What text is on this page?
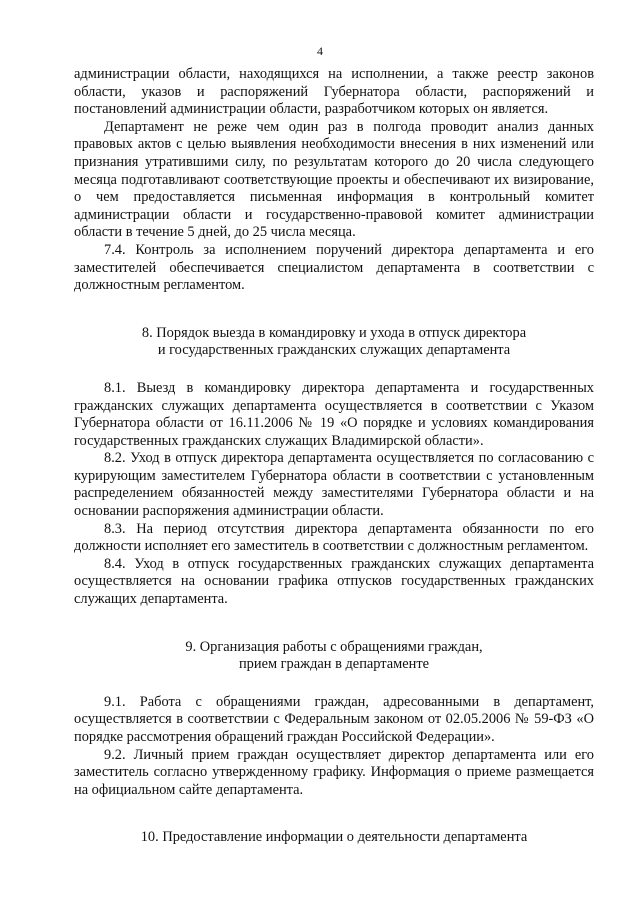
4

администрации области, находящихся на исполнении, а также реестр законов области, указов и распоряжений Губернатора области, распоряжений и постановлений администрации области, разработчиком которых он является.

Департамент не реже чем один раз в полгода проводит анализ данных правовых актов с целью выявления необходимости внесения в них изменений или признания утратившими силу, по результатам которого до 20 числа следующего месяца подготавливают соответствующие проекты и обеспечивают их визирование, о чем предоставляется письменная информация в контрольный комитет администрации области и государственно-правовой комитет администрации области в течение 5 дней, до 25 числа месяца.

7.4. Контроль за исполнением поручений директора департамента и его заместителей обеспечивается специалистом департамента в соответствии с должностным регламентом.

8. Порядок выезда в командировку и ухода в отпуск директора
и государственных гражданских служащих департамента

8.1. Выезд в командировку директора департамента и государственных гражданских служащих департамента осуществляется в соответствии с Указом Губернатора области от 16.11.2006 № 19 «О порядке и условиях командирования государственных гражданских служащих Владимирской области».

8.2. Уход в отпуск директора департамента осуществляется по согласованию с курирующим заместителем Губернатора области в соответствии с установленным распределением обязанностей между заместителями Губернатора области и на основании распоряжения администрации области.

8.3. На период отсутствия директора департамента обязанности по его должности исполняет его заместитель в соответствии с должностным регламентом.

8.4. Уход в отпуск государственных гражданских служащих департамента осуществляется на основании графика отпусков государственных гражданских служащих департамента.

9. Организация работы с обращениями граждан,
прием граждан в департаменте

9.1. Работа с обращениями граждан, адресованными в департамент, осуществляется в соответствии с Федеральным законом от 02.05.2006 № 59-ФЗ «О порядке рассмотрения обращений граждан Российской Федерации».

9.2. Личный прием граждан осуществляет директор департамента или его заместитель согласно утвержденному графику. Информация о приеме размещается на официальном сайте департамента.

10. Предоставление информации о деятельности департамента
